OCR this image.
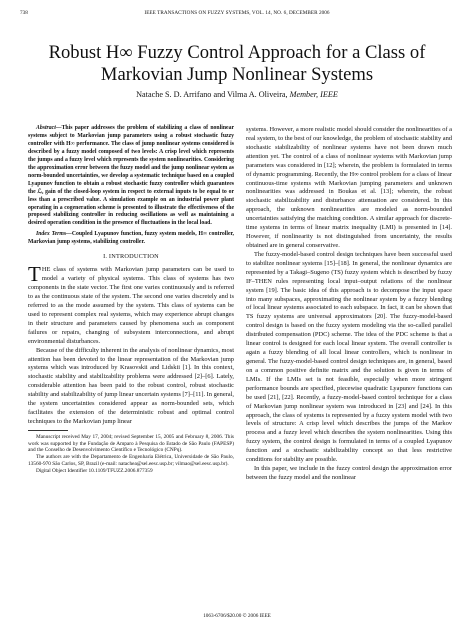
738	IEEE TRANSACTIONS ON FUZZY SYSTEMS, VOL. 14, NO. 6, DECEMBER 2006
Robust H∞ Fuzzy Control Approach for a Class of Markovian Jump Nonlinear Systems
Natache S. D. Arrifano and Vilma A. Oliveira, Member, IEEE

Abstract—This paper addresses the problem of stabilizing a class of nonlinear systems subject to Markovian jump parameters using a robust stochastic fuzzy controller with H∞ performance. The class of jump nonlinear systems considered is described by a fuzzy model composed of two levels: A crisp level which represents the jumps and a fuzzy level which represents the system nonlinearities. Considering the approximation error between the fuzzy model and the jump nonlinear system as norm-bounded uncertainties, we develop a systematic technique based on a coupled Lyapunov function to obtain a robust stochastic fuzzy controller which guarantees the ℒ₂ gain of the closed-loop system in respect to external inputs to be equal to or less than a prescribed value. A simulation example on an industrial power plant operating in a cogeneration scheme is presented to illustrate the effectiveness of the proposed stabilizing controller in reducing oscillations as well as maintaining a desired operation condition in the presence of fluctuations in the local load.

Index Terms—Coupled Lyapunov function, fuzzy system models, H∞ controller, Markovian jump systems, stabilizing controller.

I. INTRODUCTION

THE class of systems with Markovian jump parameters can be used to model a variety of physical systems. This class of systems has two components in the state vector. The first one varies continuously and is referred to as the continuous state of the system. The second one varies discretely and is referred to as the mode assumed by the system. This class of systems can be used to represent complex real systems, which may experience abrupt changes in their structure and parameters caused by phenomena such as component failures or repairs, changing of subsystem interconnections, and abrupt environmental disturbances.

Because of the difficulty inherent in the analysis of nonlinear dynamics, most attention has been devoted to the linear representation of the Markovian jump systems which was introduced by Krasovskii and Lidskii [1]. In this context, stochastic stability and stabilizability problems were addressed [2]–[6]. Lately, considerable attention has been paid to the robust control, robust stochastic stability and stabilizability of jump linear uncertain systems [7]–[11]. In general, the system uncertainties considered appear as norm-bounded sets, which facilitates the extension of the deterministic robust and optimal control techniques to the Markovian jump linear

Manuscript received May 17, 2004; revised September 15, 2005 and February 8, 2006. This work was supported by the Fundação de Amparo à Pesquisa do Estado de São Paulo (FAPESP) and the Conselho de Desenvolvimento Científico e Tecnológico (CNPq).

The authors are with the Departamento de Engenharia Elétrica, Universidade de São Paulo, 13560-970 São Carlos, SP, Brazil (e-mail: natachea@sel.eesc.usp.br; vilmao@sel.eesc.usp.br).

Digital Object Identifier 10.1109/TFUZZ.2006.877359

systems. However, a more realistic model should consider the nonlinearities of a real system, to the best of our knowledge, the problem of stochastic stability and stochastic stabilizability of nonlinear systems have not been drawn much attention yet. The control of a class of nonlinear systems with Markovian jump parameters was considered in [12]; wherein, the problem is formulated in terms of dynamic programming. Recently, the H∞ control problem for a class of linear continuous-time systems with Markovian jumping parameters and unknown nonlinearities was addressed in Boukas et al. [13]; wherein, the robust stochastic stabilizability and disturbance attenuation are considered. In this approach, the unknown nonlinearities are modeled as norm-bounded uncertainties satisfying the matching condition. A similar approach for discrete-time systems in terms of linear matrix inequality (LMI) is presented in [14]. However, if nonlinearity is not distinguished from uncertainty, the results obtained are in general conservative.

The fuzzy-model-based control design techniques have been successful used to stabilize nonlinear systems [15]–[18]. In general, the nonlinear dynamics are represented by a Takagi–Sugeno (TS) fuzzy system which is described by fuzzy IF–THEN rules representing local input–output relations of the nonlinear system [19]. The basic idea of this approach is to decompose the input space into many subspaces, approximating the nonlinear system by a fuzzy blending of local linear systems associated to each subspace. In fact, it can be shown that TS fuzzy systems are universal approximators [20]. The fuzzy-model-based control design is based on the fuzzy system modeling via the so-called parallel distributed compensation (PDC) scheme. The idea of the PDC scheme is that a linear control is designed for each local linear system. The overall controller is again a fuzzy blending of all local linear controllers, which is nonlinear in general. The fuzzy-model-based control design techniques are, in general, based on a common positive definite matrix and the solution is given in terms of LMIs. If the LMIs set is not feasible, especially when more stringent performance bounds are specified, piecewise quadratic Lyapunov functions can be used [21], [22]. Recently, a fuzzy-model-based control technique for a class of Markovian jump nonlinear system was introduced in [23] and [24]. In this approach, the class of systems is represented by a fuzzy system model with two levels of structure: A crisp level which describes the jumps of the Markov process and a fuzzy level which describes the system nonlinearities. Using this fuzzy system, the control design is formulated in terms of a coupled Lyapunov function and a stochastic stabilizability concept so that less restrictive conditions for stability are possible.

In this paper, we include in the fuzzy control design the approximation error between the fuzzy model and the nonlinear

1063-6706/$20.00 © 2006 IEEE
